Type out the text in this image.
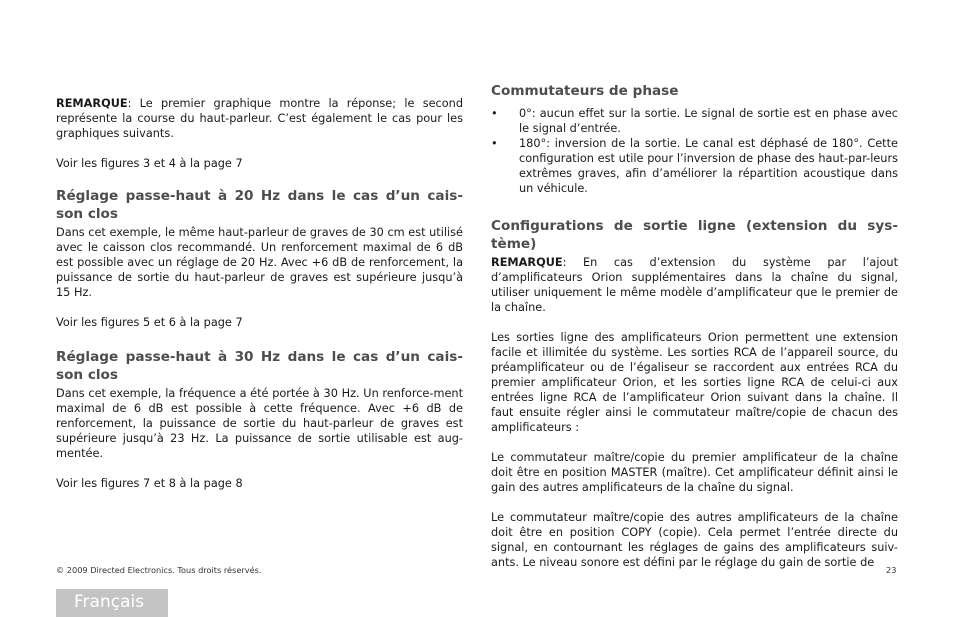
REMARQUE: Le premier graphique montre la réponse; le second représente la course du haut-parleur. C’est également le cas pour les graphiques suivants.

Voir les figures 3 et 4 à la page 7

Réglage passe-haut à 20 Hz dans le cas d’un cais-son clos

Dans cet exemple, le même haut-parleur de graves de 30 cm est utilisé avec le caisson clos recommandé. Un renforcement maximal de 6 dB est possible avec un réglage de 20 Hz. Avec +6 dB de renforcement, la puissance de sortie du haut-parleur de graves est supérieure jusqu’à 15 Hz.

Voir les figures 5 et 6 à la page 7

Réglage passe-haut à 30 Hz dans le cas d’un cais-son clos

Dans cet exemple, la fréquence a été portée à 30 Hz. Un renforce-ment maximal de 6 dB est possible à cette fréquence. Avec +6 dB de renforcement, la puissance de sortie du haut-parleur de graves est supérieure jusqu’à 23 Hz. La puissance de sortie utilisable est aug-mentée.

Voir les figures 7 et 8 à la page 8

Commutateurs de phase
• 0°: aucun effet sur la sortie. Le signal de sortie est en phase avec le signal d’entrée.
• 180°: inversion de la sortie. Le canal est déphasé de 180°. Cette configuration est utile pour l’inversion de phase des haut-par-leurs extrêmes graves, afin d’améliorer la répartition acoustique dans un véhicule.
Configurations de sortie ligne (extension du sys-tème)

REMARQUE: En cas d’extension du système par l’ajout d’amplificateurs Orion supplémentaires dans la chaîne du signal, utiliser uniquement le même modèle d’amplificateur que le premier de la chaîne.

Les sorties ligne des amplificateurs Orion permettent une extension facile et illimitée du système. Les sorties RCA de l’appareil source, du préamplificateur ou de l’égaliseur se raccordent aux entrées RCA du premier amplificateur Orion, et les sorties ligne RCA de celui-ci aux entrées ligne RCA de l’amplificateur Orion suivant dans la chaîne. Il faut ensuite régler ainsi le commutateur maître/copie de chacun des amplificateurs :

Le commutateur maître/copie du premier amplificateur de la chaîne doit être en position MASTER (maître). Cet amplificateur définit ainsi le gain des autres amplificateurs de la chaîne du signal.

Le commutateur maître/copie des autres amplificateurs de la chaîne doit être en position COPY (copie). Cela permet l’entrée directe du signal, en contournant les réglages de gains des amplificateurs suiv-ants. Le niveau sonore est défini par le réglage du gain de sortie de

© 2009 Directed Electronics. Tous droits réservés.	23
Français
